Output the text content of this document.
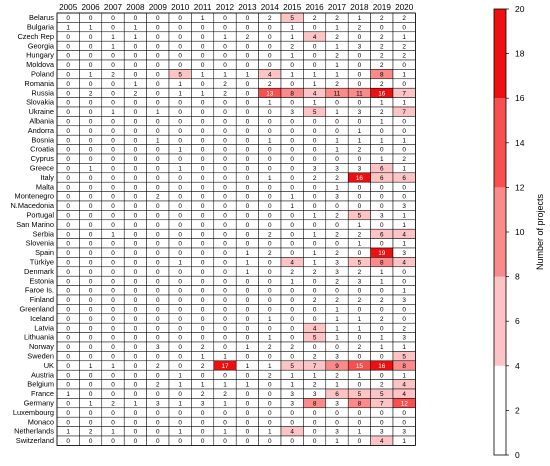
2005 2006 2007 2008 2009 2010 2011 2012 2013 2014 2015 2016 2017 2018 2019 2020
Belarus 0	0	0	0	0	0	1	0	0	2	5	2	2	1	2	2
Bulgaria 1	1	0	1	0	0	0	0	0	0	1	0	1	2	0	0
Czech Rep 0	0	1	1	0	0	0	1	2	0	1	4	2	0	2	1
Georgia 0	0	1	0	0	0	0	0	0	0	2	0	1	3	2	2
Hungary 0	0	0	0	0	0	0	0	0	0	1	0	2	0	2	2
Moldova 0	0	0	0	0	0	0	0	0	0	0	0	1	0	2	0
Poland 0	1	2	0	0	5	1	1	1	4	1	1	1	0	8	1
Romania 0	0	0	1	0	1	0	2	0	2	0	1	2	0	2	0
Russia 0	2	0	2	0	1	1	2	0	13	8	4	11 11 16	7
Slovakia 0	0	0	0	0	0	0	0	0	1	0	1	0	0	1	1
Ukraine 0	0	1	0	1	0	0	0	0	0	3	5	1	3	2	7
Albania 0	0	0	0	0	0	0	0	0	0	0	0	0	0	1	0
Andorra 0	0	0	0	0	0	0	0	0	0	0	0	0	1	0	0
Bosnia 0	0	0	0	1	0	0	0	0	1	0	0	1	1	1	1
Croatia 0	0	0	0	0	1	0	0	0	0	0	0	1	2	0	0
Cyprus 0	0	0	0	0	0	0	0	0	0	0	0	0	0	1	2
Greece 0	1	0	0	0	1	0	0	0	0	0	3	3	3	6	1
Italy 0	0	0	0	0	0	0	0	0	1	0	2	2	16	6	6
Malta 0	0	0	0	0	0	0	0	0	0	0	0	1	0	0	0
Montenegro 0	0	0	0	2	0	0	0	0	0	1	0	3	0	0	0
N.Macedonia 0	0	0	0	0	0	0	0	0	0	1	0	0	0	0	3
Portugal 0	0	0	0	0	0	0	0	0	0	0	1	2	5	3	1
San Marino 0	0	0	0	0	0	0	0	0	0	0	0	0	1	0	1
Serbia 0	0	1	0	0	0	0	0	0	2	0	1	2	2	6	4
Slovenia 0	0	0	0	0	0	0	0	0	0	0	0	0	1	0	1
Spain 0	0	0	0	0	0	0	0	1	2	0	1	2	0	19	3
Türkiye 0	0	0	0	0	1	0	0	1	0	4	1	3	5	8	4
Denmark 0	0	0	0	0	0	0	0	1	0	2	2	3	2	1	0
Estonia 0	0	0	0	0	0	0	0	0	0	1	0	2	3	1	0
Faroe Is. 0	0	0	0	0	0	0	0	0	0	0	0	0	0	0	1
Finland 0	0	0	0	0	0	0	0	0	0	0	2	2	2	2	3
Greenland 0	0	0	0	0	0	0	0	0	0	0	0	1	0	0	0
Iceland 0	0	0	0	0	0	0	0	0	1	0	0	1	1	2	0
Latvia 0	0	0	0	0	0	0	0	0	0	0	4	1	1	0	2
Lithuania 0	0	0	0	0	0	0	0	0	1	0	5	1	0	1	3
Norway 0	0	0	0	3	0	2	0	1	2	2	0	0	2	1	1
Sweden 0	0	0	0	0	0	1	1	0	0	0	2	3	0	0	5
UK 0	1	1	0	2	0	2	17	1	1	5	7	9	15 16	8
Austria 0	0	0	0	0	1	0	0	0	2	1	1	2	1	0	1
Belgium 0	0	0	0	2	1	1	1	1	0	1	2	1	0	2	4
France 1	0	0	0	0	0	2	2	0	0	3	3	6	5	5	4
Germany 0	1	2	1	3	1	3	1	0	0	3	8	3	8	7	12
Luxembourg 0	0	0	0	0	0	0	0	0	0	0	0	0	0	0	0
Monaco 0	0	0	0	0	0	0	0	0	0	0	0	0	0	0	0
Netherlands 1	2	1	0	0	1	0	1	0	1	4	0	3	1	3	3
Switzerland 0	0	0	0	0	0	0	0	0	0	0	0	1	0	4	1
0
2
4
6
8
10
12
14
16
18
20
Number of projects
